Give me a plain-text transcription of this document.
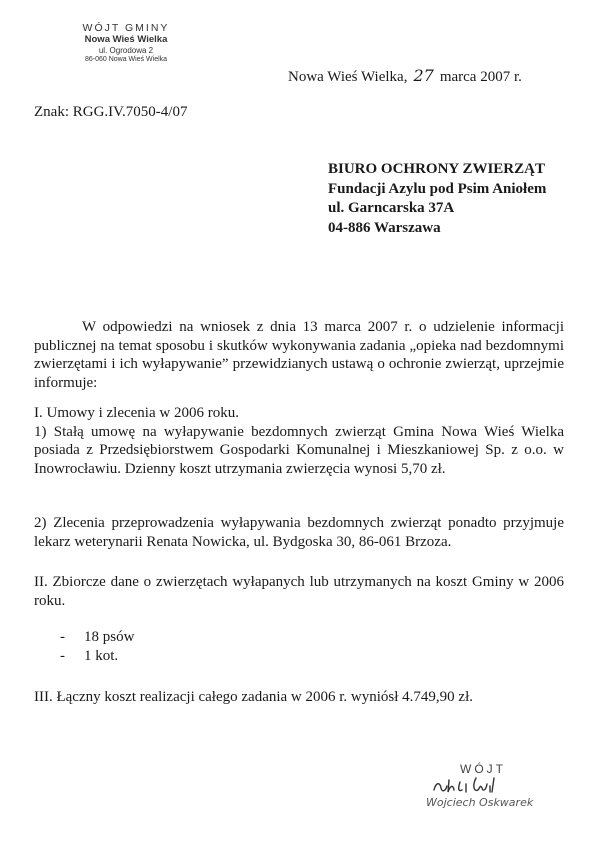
WÓJT GMINY
Nowa Wieś Wielka
ul. Ogrodowa 2
86-060 Nowa Wieś Wielka
Nowa Wieś Wielka, 27 marca 2007 r.
Znak: RGG.IV.7050-4/07
BIURO OCHRONY ZWIERZĄT
Fundacji Azylu pod Psim Aniołem
ul. Garncarska 37A
04-886 Warszawa

W odpowiedzi na wniosek z dnia 13 marca 2007 r. o udzielenie informacji publicznej na temat sposobu i skutków wykonywania zadania „opieka nad bezdomnymi zwierzętami i ich wyłapywanie” przewidzianych ustawą o ochronie zwierząt, uprzejmie informuje:

I. Umowy i zlecenia w 2006 roku.

1) Stałą umowę na wyłapywanie bezdomnych zwierząt Gmina Nowa Wieś Wielka posiada z Przedsiębiorstwem Gospodarki Komunalnej i Mieszkaniowej Sp. z o.o. w Inowrocławiu. Dzienny koszt utrzymania zwierzęcia wynosi 5,70 zł.

2) Zlecenia przeprowadzenia wyłapywania bezdomnych zwierząt ponadto przyjmuje lekarz weterynarii Renata Nowicka, ul. Bydgoska 30, 86-061 Brzoza.

II. Zbiorcze dane o zwierzętach wyłapanych lub utrzymanych na koszt Gminy w 2006 roku.

-	18 psów
-	1 kot.

III. Łączny koszt realizacji całego zadania w 2006 r. wyniósł 4.749,90 zł.

WÓJT
Wojciech Oskwarek
